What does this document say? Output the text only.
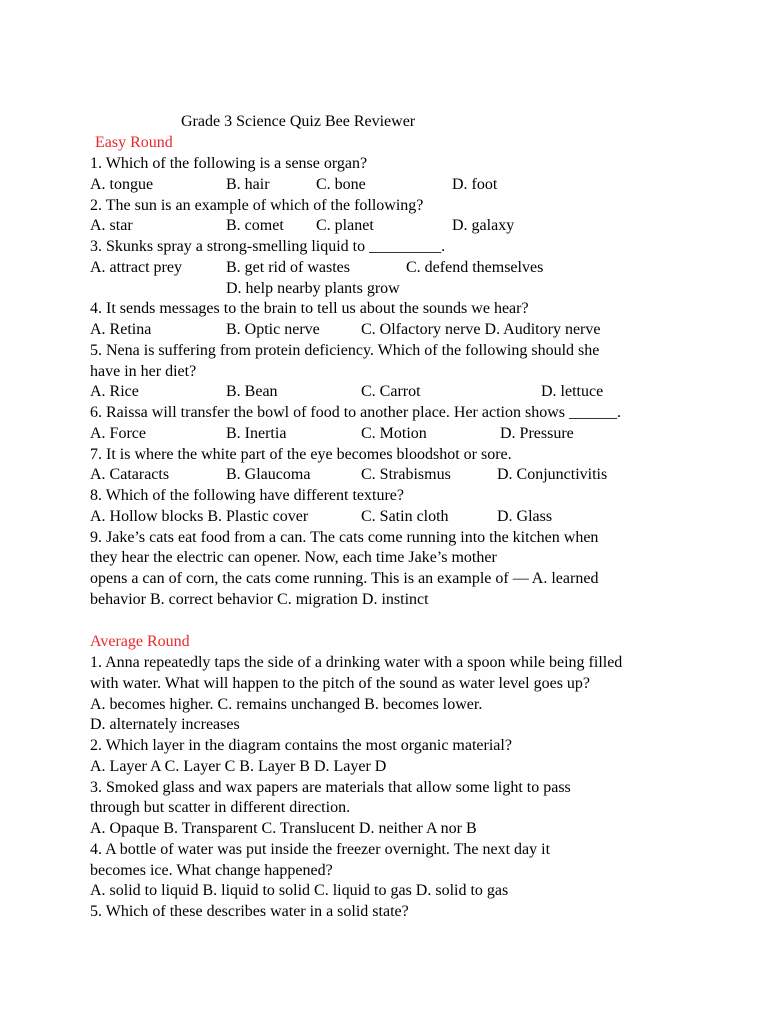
Grade 3 Science Quiz Bee Reviewer
Easy Round
1. Which of the following is a sense organ?
A. tongue	B. hair	C. bone	D. foot
2. The sun is an example of which of the following?
A. star	B. comet C. planet	D. galaxy
3. Skunks spray a strong-smelling liquid to _________.
A. attract prey	B. get rid of wastes	C. defend themselves
D. help nearby plants grow
4. It sends messages to the brain to tell us about the sounds we hear?
A. Retina	B. Optic nerve	C. Olfactory nerve D. Auditory nerve
5. Nena is suffering from protein deficiency. Which of the following should she
have in her diet?
A. Rice	B. Bean	C. Carrot	D. lettuce
6. Raissa will transfer the bowl of food to another place. Her action shows ______.
A. Force	B. Inertia	C. Motion	D. Pressure
7. It is where the white part of the eye becomes bloodshot or sore.
A. Cataracts	B. Glaucoma	C. Strabismus	D. Conjunctivitis
8. Which of the following have different texture?
A. Hollow blocks B. Plastic cover	C. Satin cloth	D. Glass
9. Jake’s cats eat food from a can. The cats come running into the kitchen when
they hear the electric can opener. Now, each time Jake’s mother
opens a can of corn, the cats come running. This is an example of — A. learned
behavior B. correct behavior C. migration D. instinct
Average Round
1. Anna repeatedly taps the side of a drinking water with a spoon while being filled
with water. What will happen to the pitch of the sound as water level goes up?
A. becomes higher. C. remains unchanged B. becomes lower.
D. alternately increases
2. Which layer in the diagram contains the most organic material?
A. Layer A C. Layer C B. Layer B D. Layer D
3. Smoked glass and wax papers are materials that allow some light to pass
through but scatter in different direction.
A. Opaque B. Transparent C. Translucent D. neither A nor B
4. A bottle of water was put inside the freezer overnight. The next day it
becomes ice. What change happened?
A. solid to liquid B. liquid to solid C. liquid to gas D. solid to gas
5. Which of these describes water in a solid state?
